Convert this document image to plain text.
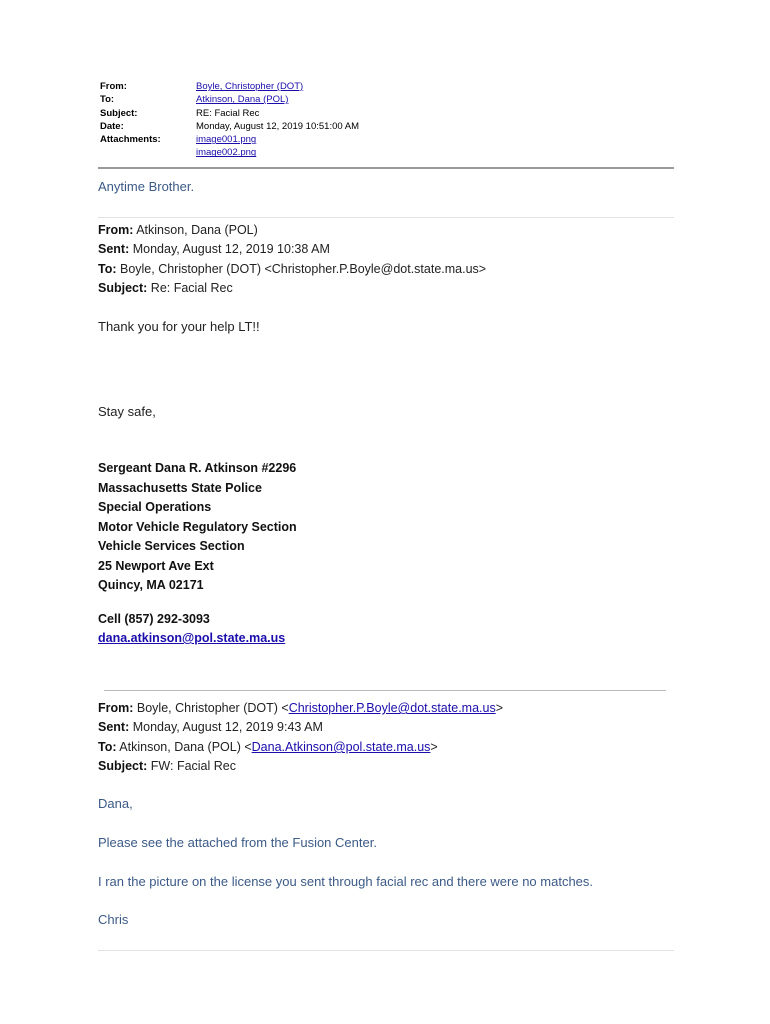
From:	Boyle, Christopher (DOT)
To:	Atkinson, Dana (POL)
Subject:	RE: Facial Rec
Date:	Monday, August 12, 2019 10:51:00 AM
Attachments:	image001.png
image002.png
Anytime Brother.
From: Atkinson, Dana (POL)
Sent: Monday, August 12, 2019 10:38 AM
To: Boyle, Christopher (DOT) <Christopher.P.Boyle@dot.state.ma.us>
Subject: Re: Facial Rec
Thank you for your help LT!!
Stay safe,
Sergeant Dana R. Atkinson #2296
Massachusetts State Police
Special Operations
Motor Vehicle Regulatory Section
Vehicle Services Section
25 Newport Ave Ext
Quincy, MA 02171
Cell (857) 292-3093
dana.atkinson@pol.state.ma.us
From: Boyle, Christopher (DOT) <Christopher.P.Boyle@dot.state.ma.us>
Sent: Monday, August 12, 2019 9:43 AM
To: Atkinson, Dana (POL) <Dana.Atkinson@pol.state.ma.us>
Subject: FW: Facial Rec
Dana,
Please see the attached from the Fusion Center.
I ran the picture on the license you sent through facial rec and there were no matches.
Chris
